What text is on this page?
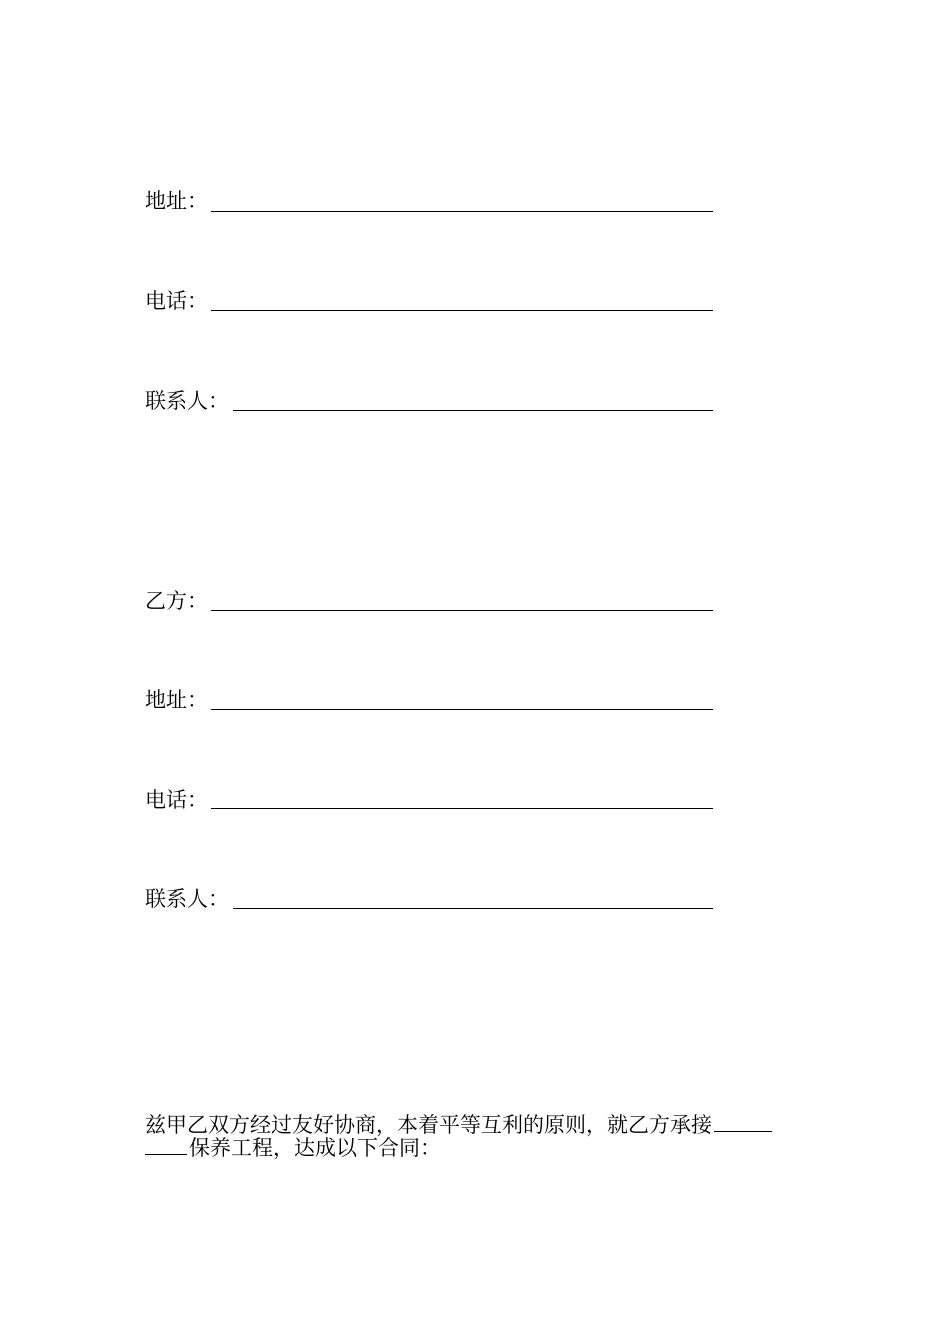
地址：
电话：
联系人：
乙方：
地址：
电话：
联系人：
兹甲乙双方经过友好协商，本着平等互利的原则，就乙方承接
保养工程，达成以下合同：
